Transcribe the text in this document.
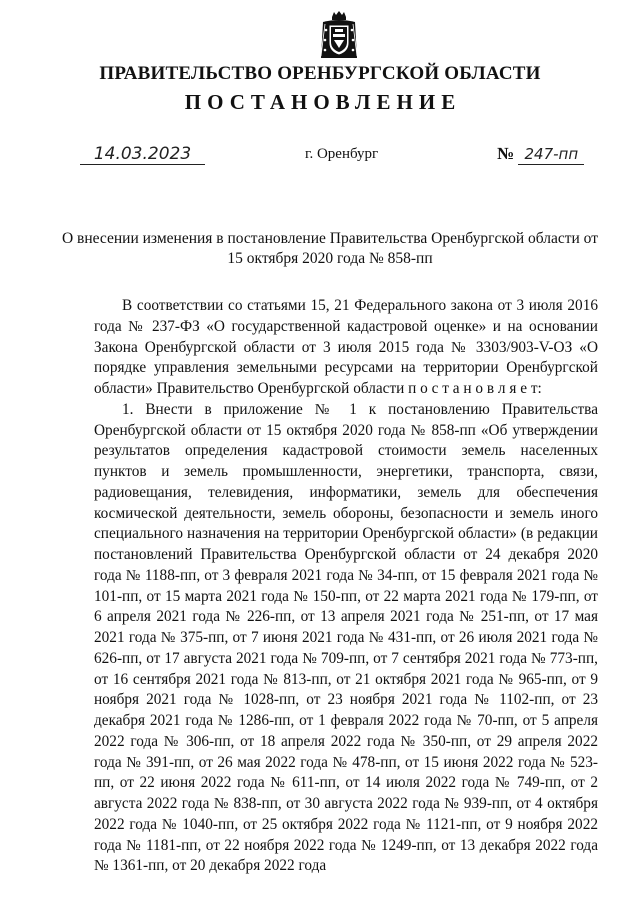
ПРАВИТЕЛЬСТВО ОРЕНБУРГСКОЙ ОБЛАСТИ
ПОСТАНОВЛЕНИЕ
14.03.2023	г. Оренбург	№ 247-пп
О внесении изменения в постановление Правительства Оренбургской области от 15 октября 2020 года № 858-пп

В соответствии со статьями 15, 21 Федерального закона от 3 июля 2016 года № 237-ФЗ «О государственной кадастровой оценке» и на основании Закона Оренбургской области от 3 июля 2015 года № 3303/903-V-ОЗ «О порядке управления земельными ресурсами на территории Оренбургской области» Правительство Оренбургской области п о с т а н о в л я е т:

1. Внести в приложение № 1 к постановлению Правительства Оренбургской области от 15 октября 2020 года № 858-пп «Об утверждении результатов определения кадастровой стоимости земель населенных пунктов и земель промышленности, энергетики, транспорта, связи, радиовещания, телевидения, информатики, земель для обеспечения космической деятельности, земель обороны, безопасности и земель иного специального назначения на территории Оренбургской области» (в редакции постановлений Правительства Оренбургской области от 24 декабря 2020 года № 1188-пп, от 3 февраля 2021 года № 34-пп, от 15 февраля 2021 года № 101-пп, от 15 марта 2021 года № 150-пп, от 22 марта 2021 года № 179-пп, от 6 апреля 2021 года № 226-пп, от 13 апреля 2021 года № 251-пп, от 17 мая 2021 года № 375-пп, от 7 июня 2021 года № 431-пп, от 26 июля 2021 года № 626-пп, от 17 августа 2021 года № 709-пп, от 7 сентября 2021 года № 773-пп, от 16 сентября 2021 года № 813-пп, от 21 октября 2021 года № 965-пп, от 9 ноября 2021 года № 1028-пп, от 23 ноября 2021 года № 1102-пп, от 23 декабря 2021 года № 1286-пп, от 1 февраля 2022 года № 70-пп, от 5 апреля 2022 года № 306-пп, от 18 апреля 2022 года № 350-пп, от 29 апреля 2022 года № 391-пп, от 26 мая 2022 года № 478-пп, от 15 июня 2022 года № 523-пп, от 22 июня 2022 года № 611-пп, от 14 июля 2022 года № 749-пп, от 2 августа 2022 года № 838-пп, от 30 августа 2022 года № 939-пп, от 4 октября 2022 года № 1040-пп, от 25 октября 2022 года № 1121-пп, от 9 ноября 2022 года № 1181-пп, от 22 ноября 2022 года № 1249-пп, от 13 декабря 2022 года № 1361-пп, от 20 декабря 2022 года
